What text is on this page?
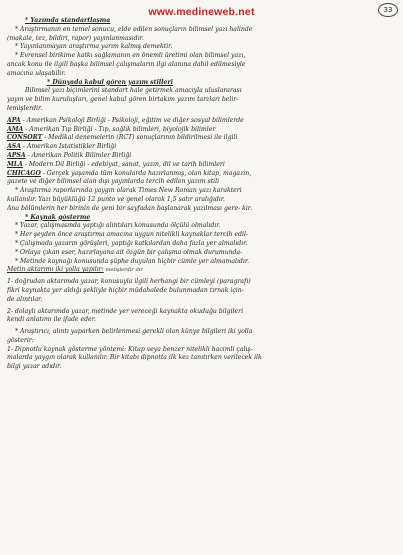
www.medineweb.net	33
* Yazımda standartlaşma
* Araştırmanın en temel sonucu, elde edilen sonuçların bilimsel yazı halinde
(makale, tez, bildiri, rapor) yayınlanmasıdır.
* Yayınlanmayan araştırma yarım kalmış demektir.
* Evrensel birikime katkı sağlamanın en önemli üretimi olan bilimsel yazı,
ancak konu ile ilgili başka bilimsel çalışmaların ilgi alanına dahil edilmesiyle
amacına ulaşabilir.
* Dünyada kabul gören yazım stilleri
Bilimsel yazı biçimlerini standart hale getirmek amacıyla uluslararası
yayın ve bilim kuruluşları, genel kabul gören birtakım yazım tarzları belir-
lemişlerdir.
APA - Amerikan Psikoloji Birliği - Psikoloji, eğitim ve diğer sosyal bilimlerde
AMA - Amerikan Tıp Birliği - Tıp, sağlık bilimleri, biyolojik bilimler
CONSORT - Medikal denemelerin (RCT) sonuçlarının bildirilmesi ile ilgili
ASA - Amerikan İstatistikler Birliği
APSA - Amerikan Politik Bilimler Birliği
MLA - Modern Dil Birliği - edebiyat, sanat, yazın, dil ve tarih bilimleri
CHICAGO - Gerçek yaşamda tüm konularda hazırlanmış, olan kitap, magazin,
gazete ve diğer bilimsel alan dışı yayınlarda tercih edilen yazım stili
* Araştırma raporlarında yaygın olarak Times New Roman yazı karakteri
kullanılır. Yazı büyüklüğü 12 punto ve genel olarak 1,5 satır aralığıdır.
Ana bölümlerin her birinin de yeni bir sayfadan başlanarak yazılması gere- kir.
* Kaynak gösterme
* Yazar, çalışmasında yaptığı alıntıları konusunda ölçülü olmalıdır.
* Her şeyden önce araştırma amacına uygun nitelikli kaynaklar tercih edil-
* Çalışmada yazarın görüşleri, yaptığı katkılardan daha fazla yer almalıdır.
* Orlaya çıkan eser, hazırlayana ait özgün bir çalışma olmak durumunda-
* Metinde kaynağı konusunda şüphe duyulan hiçbir cümle yer almamalıdır.
Metin aktarımı iki yolla yapılır: metişlerdir dır
1- doğrudan aktarımda yazar, konusuyla ilgili herhangi bir cümleyi (paragrafı)
fikri kaynakta yer aldığı şekliyle hiçbir müdahalede bulunmadan tırnak için-
de alıntılar.
2- dolaylı aktarımda yazar, metinde yer vereceği kaynakta okuduğu bilgileri
kendi anlatımı ile ifade eder.
* Araştırıcı, alıntı yaparken belirlenmesi gerekli olan künye bilgileri iki yolla
gösterir:
1- Dipnotlu kaynak gösterme yöntemi: Kitap veya benzer nitelikli hacimli çalış-
malarda yaygın olarak kullanılır. Bir kitabı dipnotta ilk kez tanıtırken verilecek ilk
bilgi yazar adıdır.
